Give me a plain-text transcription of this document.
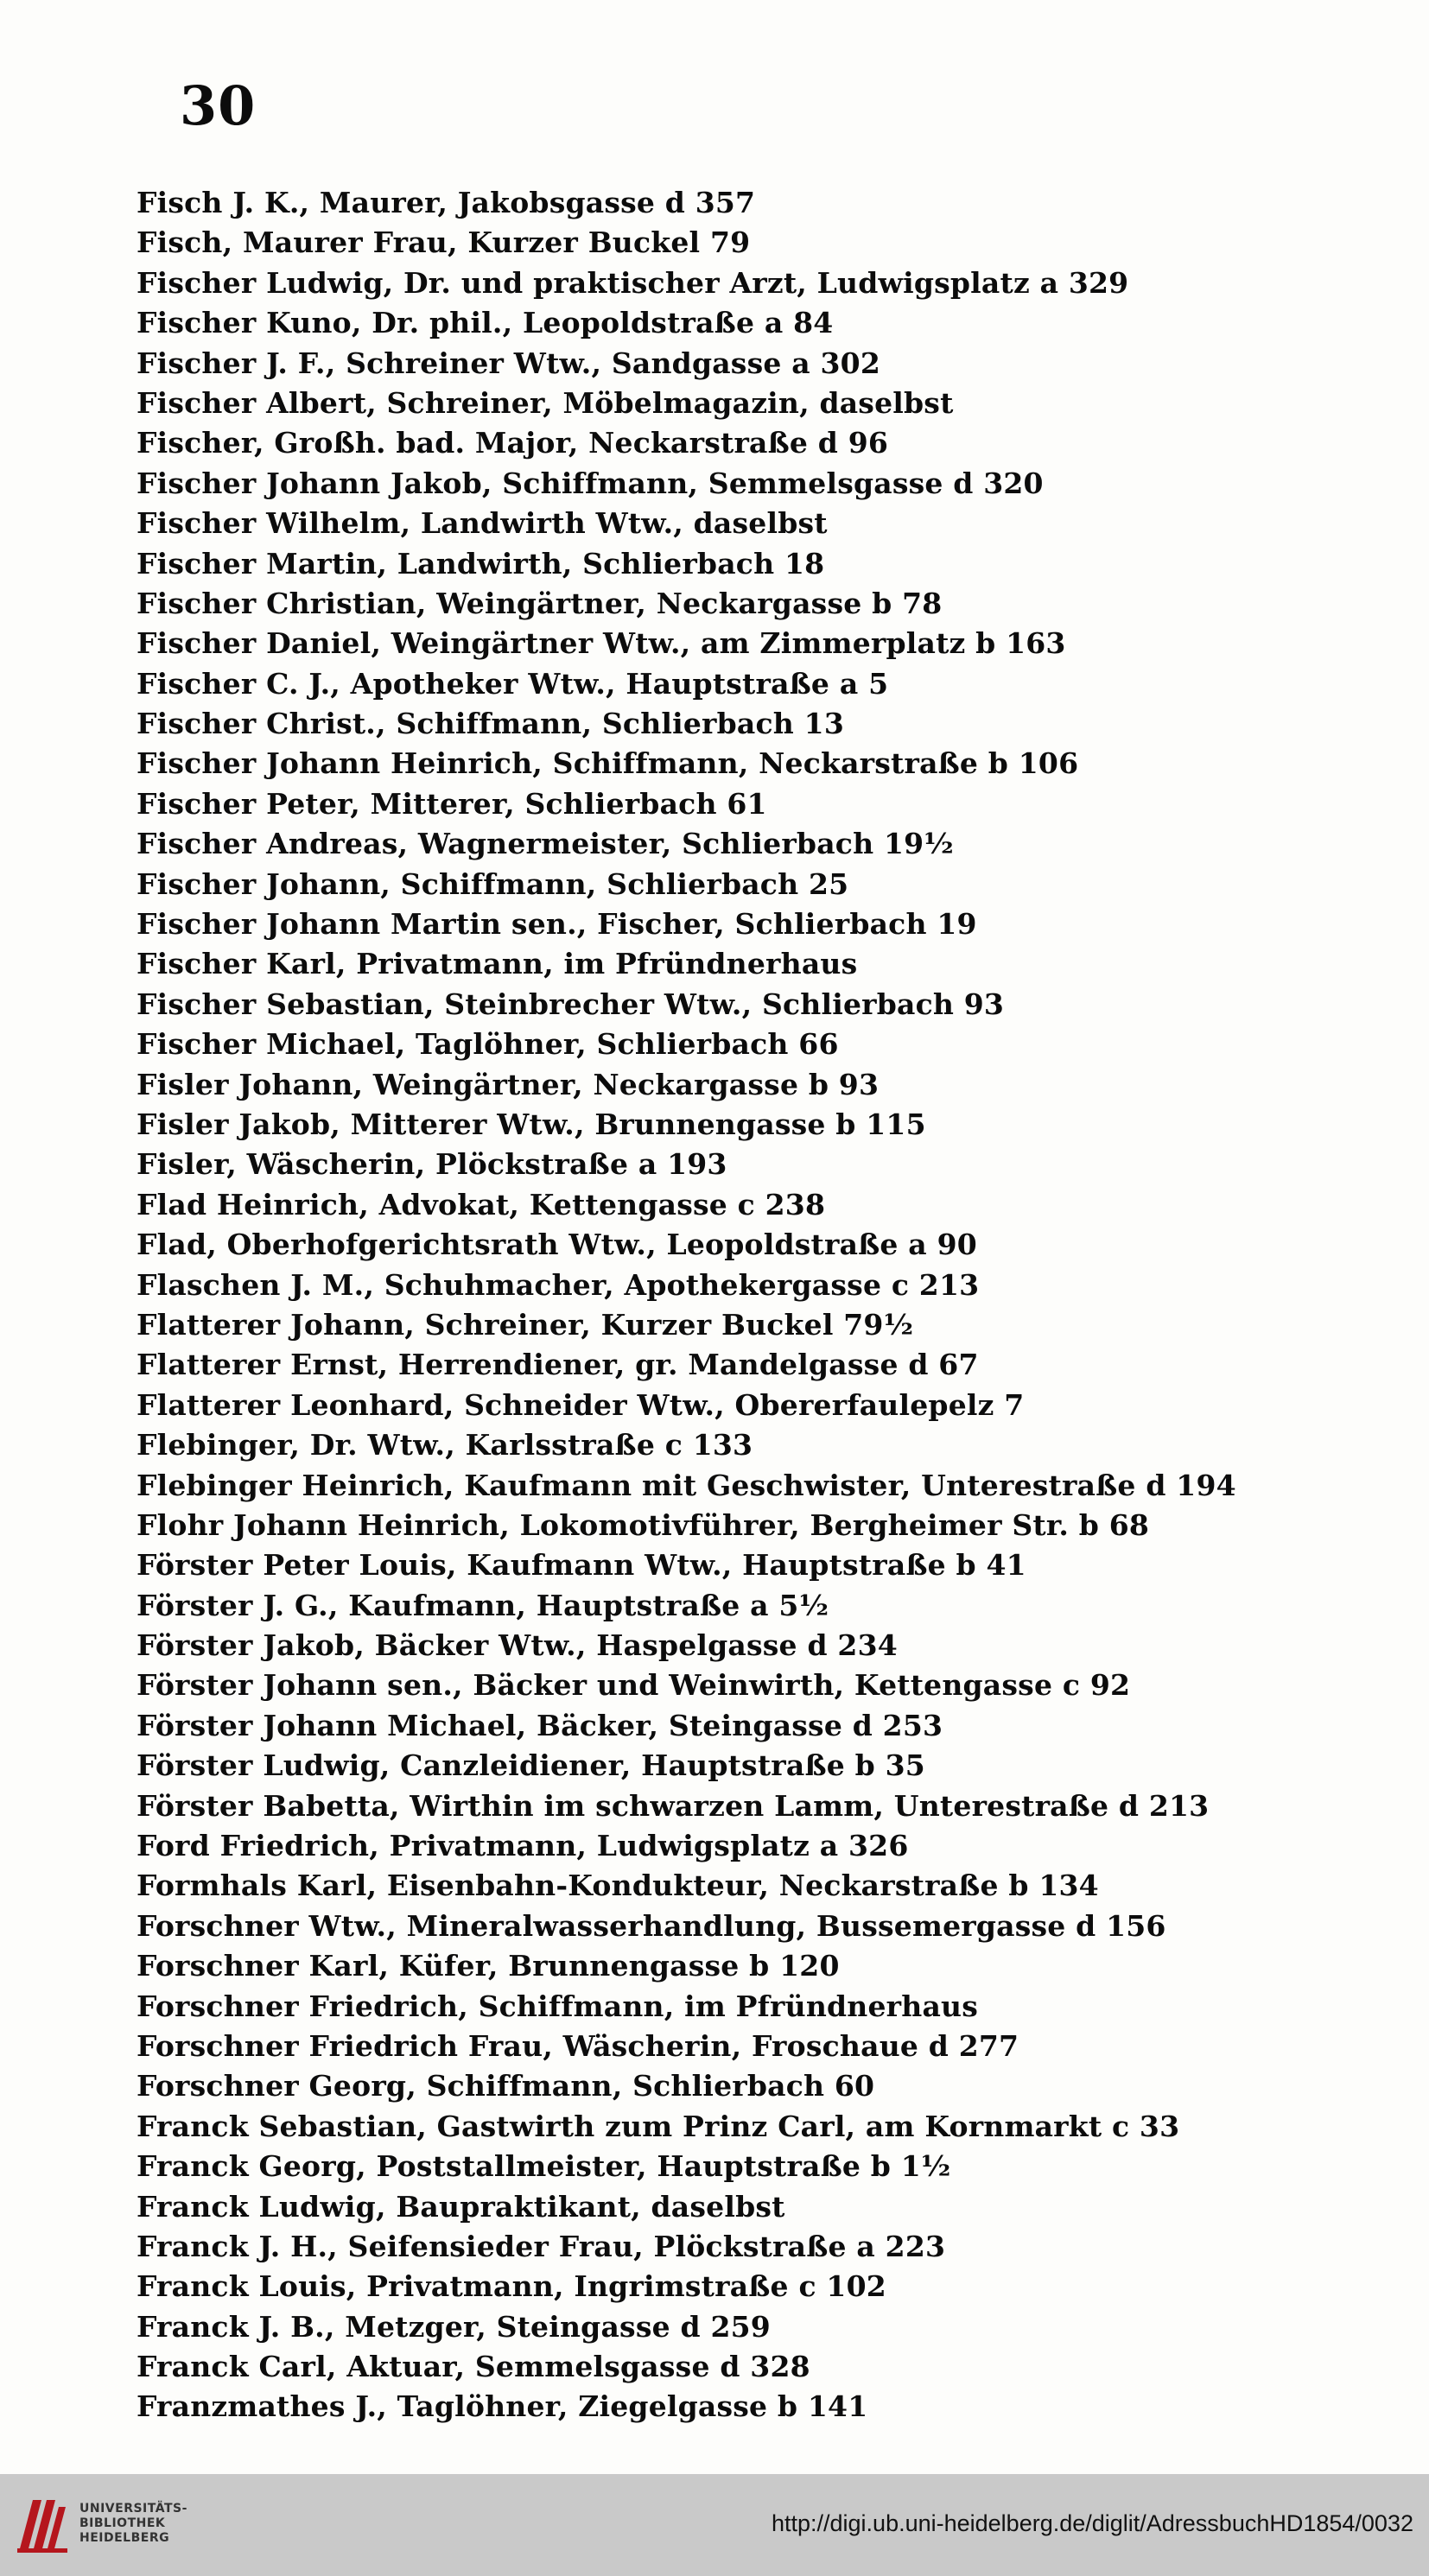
30
Fisch J. K., Maurer, Jakobsgasse d 357
Fisch, Maurer Frau, Kurzer Buckel 79
Fischer Ludwig, Dr. und praktischer Arzt, Ludwigsplatz a 329
Fischer Kuno, Dr. phil., Leopoldstraße a 84
Fischer J. F., Schreiner Wtw., Sandgasse a 302
Fischer Albert, Schreiner, Möbelmagazin, daselbst
Fischer, Großh. bad. Major, Neckarstraße d 96
Fischer Johann Jakob, Schiffmann, Semmelsgasse d 320
Fischer Wilhelm, Landwirth Wtw., daselbst
Fischer Martin, Landwirth, Schlierbach 18
Fischer Christian, Weingärtner, Neckargasse b 78
Fischer Daniel, Weingärtner Wtw., am Zimmerplatz b 163
Fischer C. J., Apotheker Wtw., Hauptstraße a 5
Fischer Christ., Schiffmann, Schlierbach 13
Fischer Johann Heinrich, Schiffmann, Neckarstraße b 106
Fischer Peter, Mitterer, Schlierbach 61
Fischer Andreas, Wagnermeister, Schlierbach 19½
Fischer Johann, Schiffmann, Schlierbach 25
Fischer Johann Martin sen., Fischer, Schlierbach 19
Fischer Karl, Privatmann, im Pfründnerhaus
Fischer Sebastian, Steinbrecher Wtw., Schlierbach 93
Fischer Michael, Taglöhner, Schlierbach 66
Fisler Johann, Weingärtner, Neckargasse b 93
Fisler Jakob, Mitterer Wtw., Brunnengasse b 115
Fisler, Wäscherin, Plöckstraße a 193
Flad Heinrich, Advokat, Kettengasse c 238
Flad, Oberhofgerichtsrath Wtw., Leopoldstraße a 90
Flaschen J. M., Schuhmacher, Apothekergasse c 213
Flatterer Johann, Schreiner, Kurzer Buckel 79½
Flatterer Ernst, Herrendiener, gr. Mandelgasse d 67
Flatterer Leonhard, Schneider Wtw., Obererfaulepelz 7
Flebinger, Dr. Wtw., Karlsstraße c 133
Flebinger Heinrich, Kaufmann mit Geschwister, Unterestraße d 194
Flohr Johann Heinrich, Lokomotivführer, Bergheimer Str. b 68
Förster Peter Louis, Kaufmann Wtw., Hauptstraße b 41
Förster J. G., Kaufmann, Hauptstraße a 5½
Förster Jakob, Bäcker Wtw., Haspelgasse d 234
Förster Johann sen., Bäcker und Weinwirth, Kettengasse c 92
Förster Johann Michael, Bäcker, Steingasse d 253
Förster Ludwig, Canzleidiener, Hauptstraße b 35
Förster Babetta, Wirthin im schwarzen Lamm, Unterestraße d 213
Ford Friedrich, Privatmann, Ludwigsplatz a 326
Formhals Karl, Eisenbahn-Kondukteur, Neckarstraße b 134
Forschner Wtw., Mineralwasserhandlung, Bussemergasse d 156
Forschner Karl, Küfer, Brunnengasse b 120
Forschner Friedrich, Schiffmann, im Pfründnerhaus
Forschner Friedrich Frau, Wäscherin, Froschaue d 277
Forschner Georg, Schiffmann, Schlierbach 60
Franck Sebastian, Gastwirth zum Prinz Carl, am Kornmarkt c 33
Franck Georg, Poststallmeister, Hauptstraße b 1½
Franck Ludwig, Baupraktikant, daselbst
Franck J. H., Seifensieder Frau, Plöckstraße a 223
Franck Louis, Privatmann, Ingrimstraße c 102
Franck J. B., Metzger, Steingasse d 259
Franck Carl, Aktuar, Semmelsgasse d 328
Franzmathes J., Taglöhner, Ziegelgasse b 141
UNIVERSITÄTS-
BIBLIOTHEK
HEIDELBERG
http://digi.ub.uni-heidelberg.de/diglit/AdressbuchHD1854/0032
